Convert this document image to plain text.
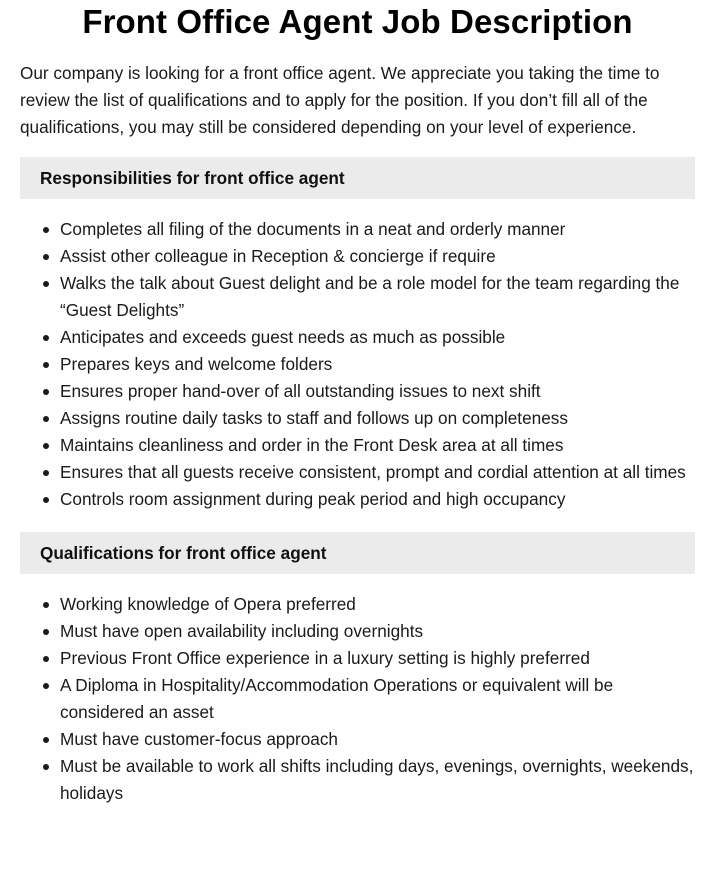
Front Office Agent Job Description

Our company is looking for a front office agent. We appreciate you taking the time to review the list of qualifications and to apply for the position. If you don’t fill all of the qualifications, you may still be considered depending on your level of experience.

Responsibilities for front office agent
Completes all filing of the documents in a neat and orderly manner
Assist other colleague in Reception & concierge if require
Walks the talk about Guest delight and be a role model for the team regarding the “Guest Delights”
Anticipates and exceeds guest needs as much as possible
Prepares keys and welcome folders
Ensures proper hand-over of all outstanding issues to next shift
Assigns routine daily tasks to staff and follows up on completeness
Maintains cleanliness and order in the Front Desk area at all times
Ensures that all guests receive consistent, prompt and cordial attention at all times
Controls room assignment during peak period and high occupancy
Qualifications for front office agent
Working knowledge of Opera preferred
Must have open availability including overnights
Previous Front Office experience in a luxury setting is highly preferred
A Diploma in Hospitality/Accommodation Operations or equivalent will be considered an asset
Must have customer-focus approach
Must be available to work all shifts including days, evenings, overnights, weekends, holidays
